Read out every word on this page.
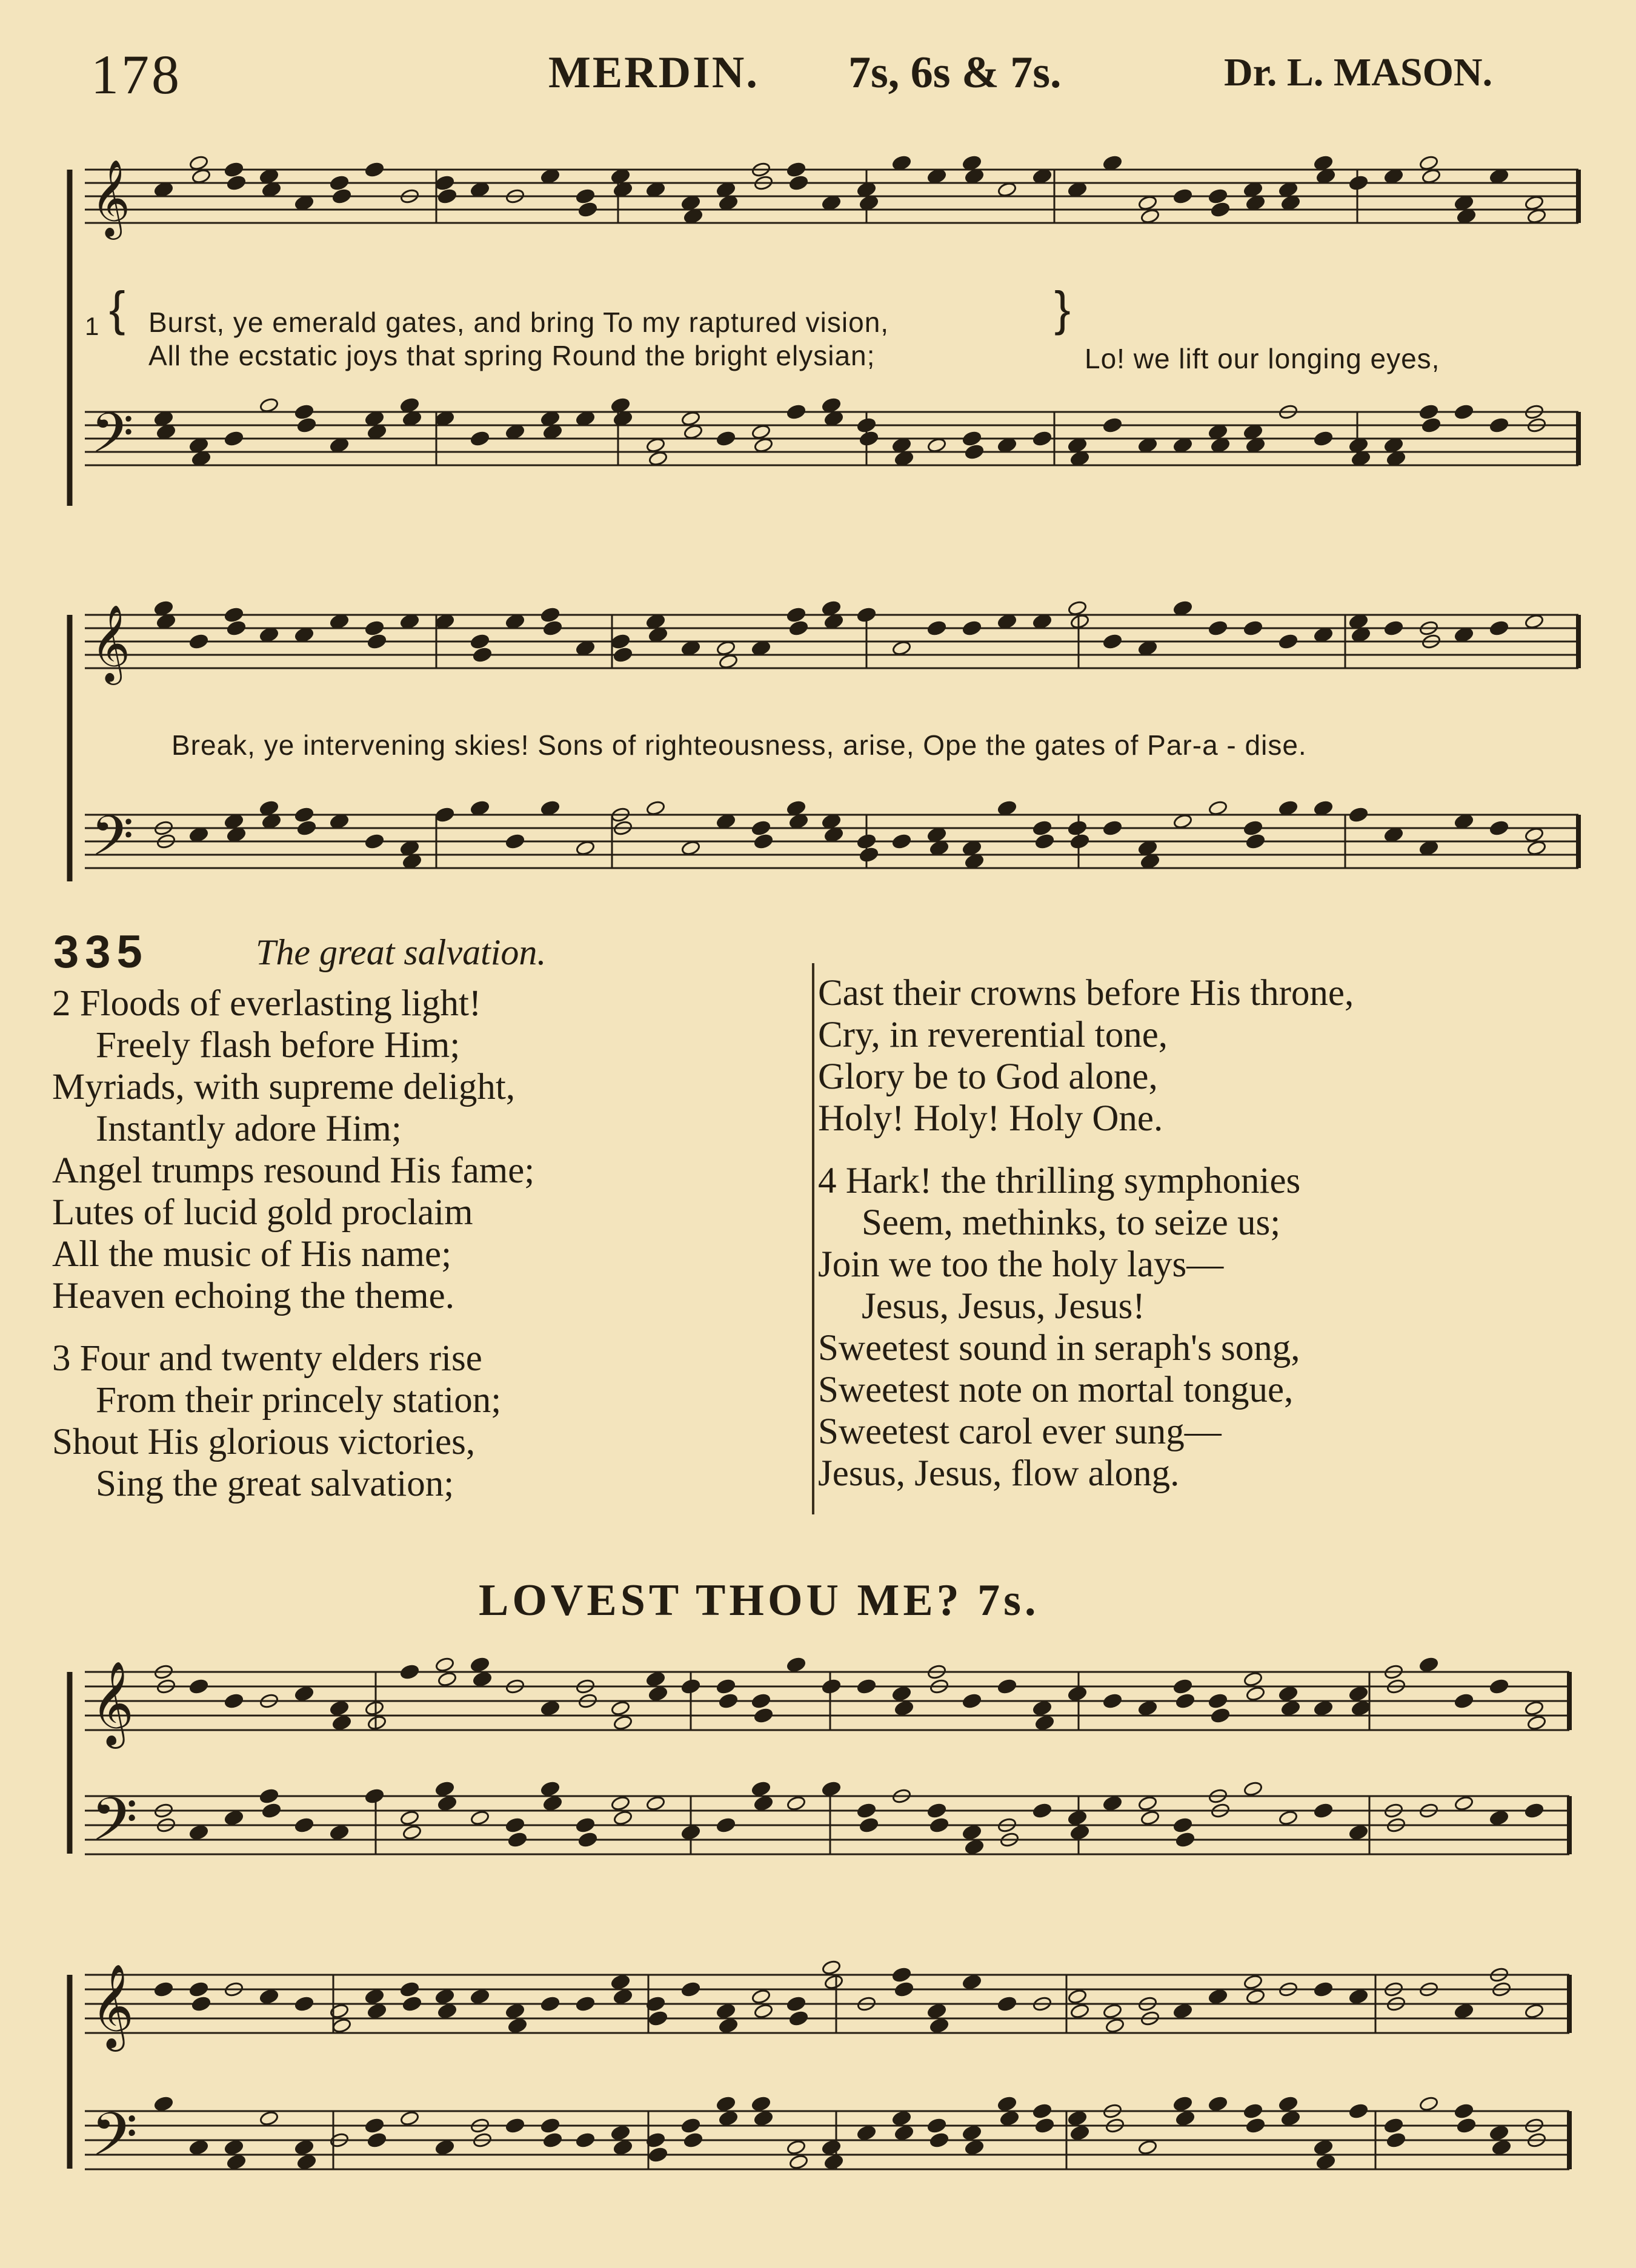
178	MERDIN. 7s, 6s & 7s.	Dr. L. MASON.
𝄞
𝄢
1 { Burst, ye emerald gates, and bring To my raptured vision,
All the ecstatic joys that spring Round the bright elysian;
}
Lo! we lift our longing eyes,
𝄞
𝄢
Break, ye intervening skies! Sons of righteousness, arise, Ope the gates of Par-a - dise.
335	The great salvation.
2 Floods of everlasting light!
Freely flash before Him;
Myriads, with supreme delight,
Instantly adore Him;
Angel trumps resound His fame;
Lutes of lucid gold proclaim
All the music of His name;
Heaven echoing the theme.
3 Four and twenty elders rise
From their princely station;
Shout His glorious victories,
Sing the great salvation;
Cast their crowns before His throne,
Cry, in reverential tone,
Glory be to God alone,
Holy! Holy! Holy One.
4 Hark! the thrilling symphonies
Seem, methinks, to seize us;
Join we too the holy lays—
Jesus, Jesus, Jesus!
Sweetest sound in seraph's song,
Sweetest note on mortal tongue,
Sweetest carol ever sung—
Jesus, Jesus, flow along.
LOVEST THOU ME? 7s.
𝄞
𝄢
𝄞
𝄢
